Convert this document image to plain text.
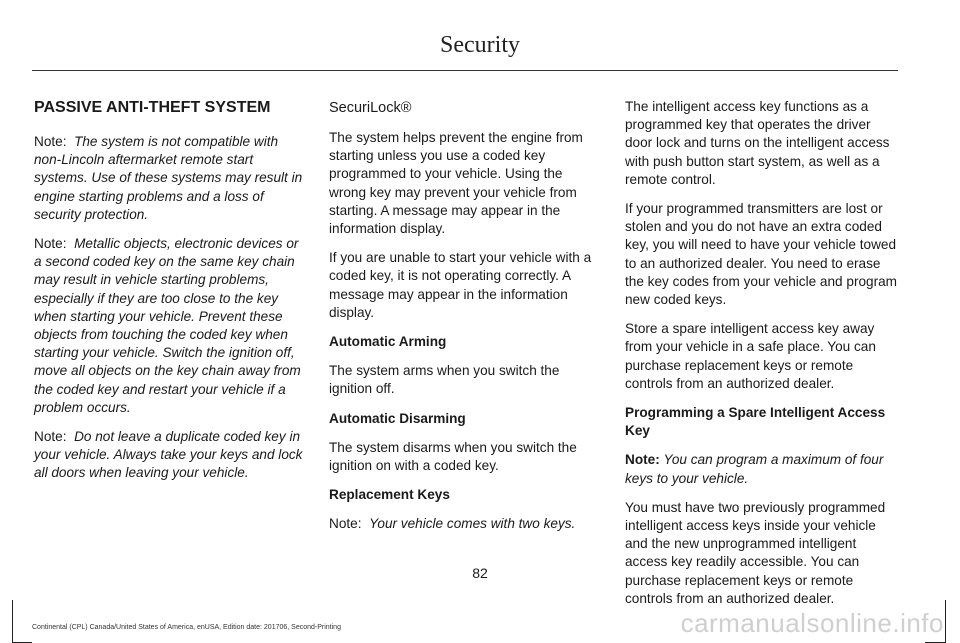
Security
PASSIVE ANTI-THEFT SYSTEM

Note: The system is not compatible with non-Lincoln aftermarket remote start systems. Use of these systems may result in engine starting problems and a loss of security protection.

Note: Metallic objects, electronic devices or a second coded key on the same key chain may result in vehicle starting problems, especially if they are too close to the key when starting your vehicle. Prevent these objects from touching the coded key when starting your vehicle. Switch the ignition off, move all objects on the key chain away from the coded key and restart your vehicle if a problem occurs.

Note: Do not leave a duplicate coded key in your vehicle. Always take your keys and lock all doors when leaving your vehicle.

SecuriLock®

The system helps prevent the engine from starting unless you use a coded key programmed to your vehicle. Using the wrong key may prevent your vehicle from starting. A message may appear in the information display.

If you are unable to start your vehicle with a coded key, it is not operating correctly. A message may appear in the information display.

Automatic Arming

The system arms when you switch the ignition off.

Automatic Disarming

The system disarms when you switch the ignition on with a coded key.

Replacement Keys

Note: Your vehicle comes with two keys.

The intelligent access key functions as a programmed key that operates the driver door lock and turns on the intelligent access with push button start system, as well as a remote control.

If your programmed transmitters are lost or stolen and you do not have an extra coded key, you will need to have your vehicle towed to an authorized dealer. You need to erase the key codes from your vehicle and program new coded keys.

Store a spare intelligent access key away from your vehicle in a safe place. You can purchase replacement keys or remote controls from an authorized dealer.

Programming a Spare Intelligent Access Key

Note: You can program a maximum of four keys to your vehicle.

You must have two previously programmed intelligent access keys inside your vehicle and the new unprogrammed intelligent access key readily accessible. You can purchase replacement keys or remote controls from an authorized dealer.

82
Continental (CPL) Canada/United States of America, enUSA, Edition date: 201706, Second-Printing	carmanualsonline.info
